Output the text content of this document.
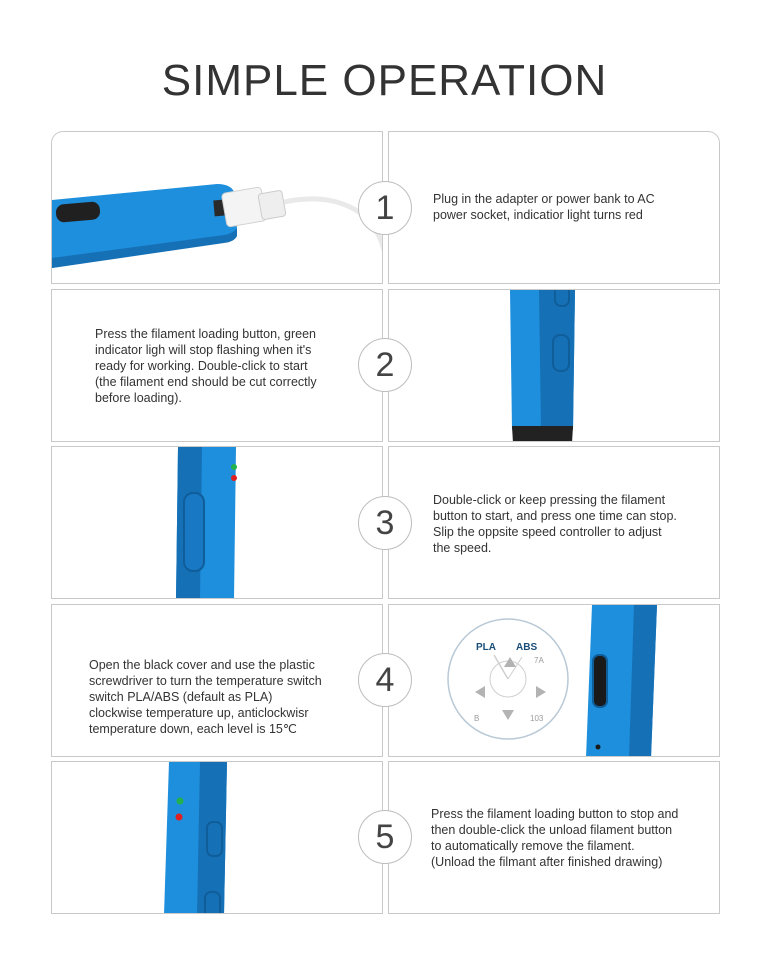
SIMPLE OPERATION
Plug in the adapter or power bank to AC
power socket, indicatior light turns red
1
Press the filament loading button, green
indicator ligh will stop flashing when it's
ready for working. Double-click to start
(the filament end should be cut correctly
before loading).
2
Double-click or keep pressing the filament
button to start, and press one time can stop.
Slip the oppsite speed controller to adjust
the speed.
3
Open the black cover and use the plastic
screwdriver to turn the temperature switch
switch PLA/ABS (default as PLA)
clockwise temperature up, anticlockwisr
temperature down, each level is 15℃
PLA ABS
7A
B	103
4
Press the filament loading button to stop and
then double-click the unload filament button
to automatically remove the filament.
(Unload the filmant after finished drawing)
5
